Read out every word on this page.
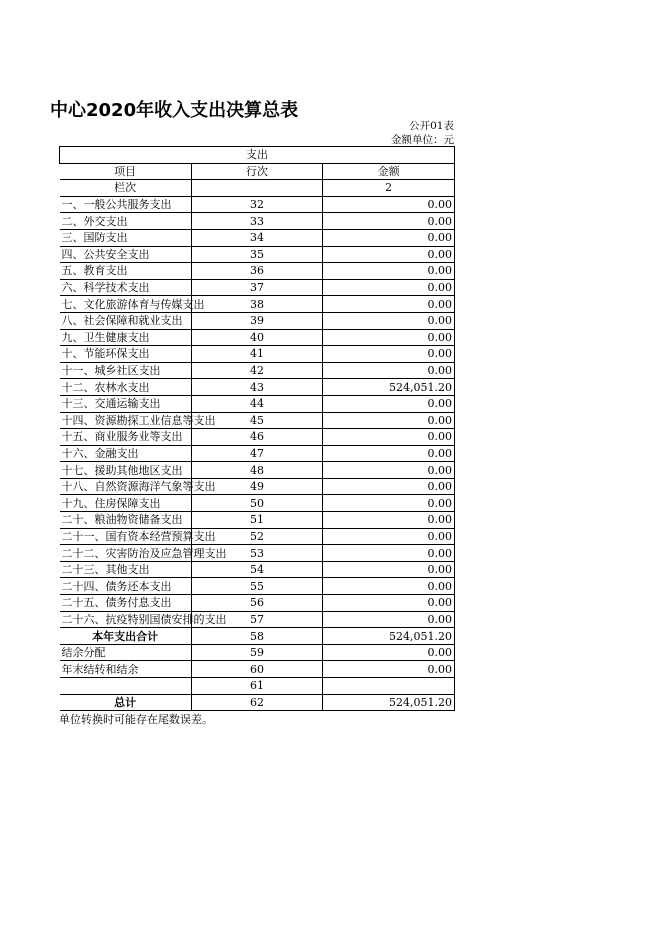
中心2020年收入支出决算总表
公开01表
金额单位：元
支出		
项目	行次	金额
栏次		2
一、一般公共服务支出	32	0.00
二、外交支出	33	0.00
三、国防支出	34	0.00
四、公共安全支出	35	0.00
五、教育支出	36	0.00
六、科学技术支出	37	0.00
七、文化旅游体育与传媒支出	38	0.00
八、社会保障和就业支出	39	0.00
九、卫生健康支出	40	0.00
十、节能环保支出	41	0.00
十一、城乡社区支出	42	0.00
十二、农林水支出	43	524,051.20
十三、交通运输支出	44	0.00
十四、资源勘探工业信息等支出	45	0.00
十五、商业服务业等支出	46	0.00
十六、金融支出	47	0.00
十七、援助其他地区支出	48	0.00
十八、自然资源海洋气象等支出	49	0.00
十九、住房保障支出	50	0.00
二十、粮油物资储备支出	51	0.00
二十一、国有资本经营预算支出	52	0.00
二十二、灾害防治及应急管理支出	53	0.00
二十三、其他支出	54	0.00
二十四、债务还本支出	55	0.00
二十五、债务付息支出	56	0.00
二十六、抗疫特别国债安排的支出	57	0.00
本年支出合计	58	524,051.20
结余分配	59	0.00
年末结转和结余	60	0.00
	61	
总计	62	524,051.20
单位转换时可能存在尾数误差。
